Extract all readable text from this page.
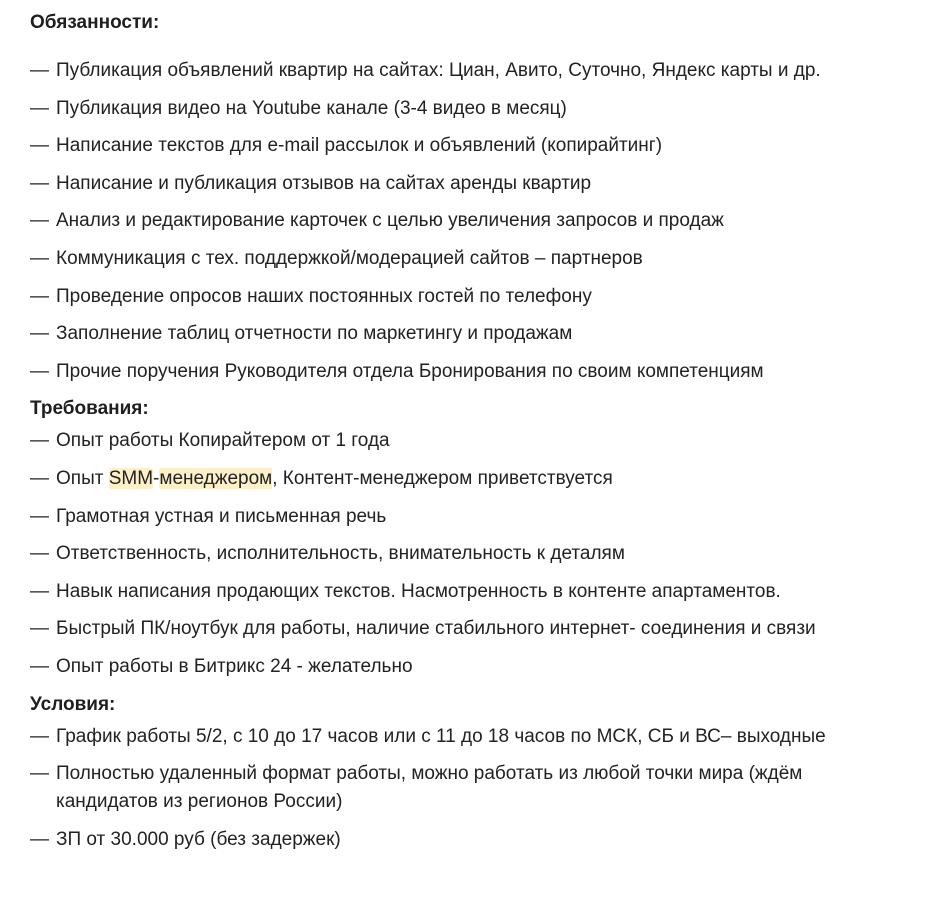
Обязанности:
— Публикация объявлений квартир на сайтах: Циан, Авито, Суточно, Яндекс карты и др.
— Публикация видео на Youtube канале (3-4 видео в месяц)
— Написание текстов для e-mail рассылок и объявлений (копирайтинг)
— Написание и публикация отзывов на сайтах аренды квартир
— Анализ и редактирование карточек с целью увеличения запросов и продаж
— Коммуникация с тех. поддержкой/модерацией сайтов – партнеров
— Проведение опросов наших постоянных гостей по телефону
— Заполнение таблиц отчетности по маркетингу и продажам
— Прочие поручения Руководителя отдела Бронирования по своим компетенциям
Требования:
— Опыт работы Копирайтером от 1 года
— Опыт SMM-менеджером, Контент-менеджером приветствуется
— Грамотная устная и письменная речь
— Ответственность, исполнительность, внимательность к деталям
— Навык написания продающих текстов. Насмотренность в контенте апартаментов.
— Быстрый ПК/ноутбук для работы, наличие стабильного интернет- соединения и связи
— Опыт работы в Битрикс 24 - желательно
Условия:
— График работы 5/2, с 10 до 17 часов или с 11 до 18 часов по МСК, СБ и ВС– выходные
— Полностью удаленный формат работы, можно работать из любой точки мира (ждём кандидатов из регионов России)
— ЗП от 30.000 руб (без задержек)
